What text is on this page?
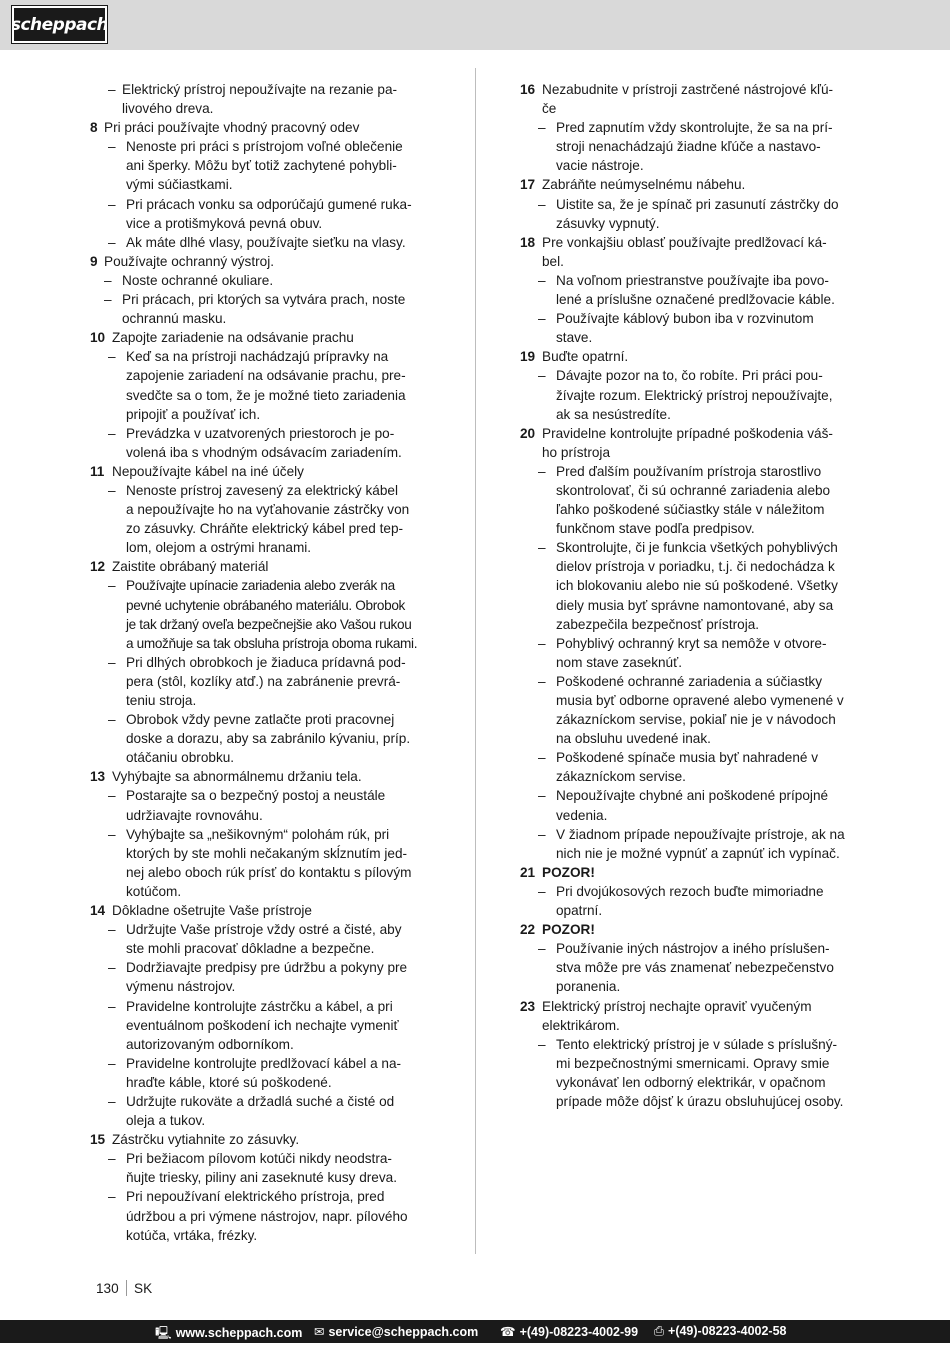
scheppach
– Elektrický prístroj nepoužívajte na rezanie pa-
livového dreva.
8 Pri práci používajte vhodný pracovný odev
– Nenoste pri práci s prístrojom voľné oblečenie
ani šperky. Môžu byť totiž zachytené pohybli-
vými súčiastkami.
– Pri prácach vonku sa odporúčajú gumené ruka-
vice a protišmyková pevná obuv.
– Ak máte dlhé vlasy, používajte sieťku na vlasy.
9 Používajte ochranný výstroj.
– Noste ochranné okuliare.
– Pri prácach, pri ktorých sa vytvára prach, noste
ochrannú masku.
10 Zapojte zariadenie na odsávanie prachu
– Keď sa na prístroji nachádzajú prípravky na
zapojenie zariadení na odsávanie prachu, pre-
svedčte sa o tom, že je možné tieto zariadenia
pripojiť a používať ich.
– Prevádzka v uzatvorených priestoroch je po-
volená iba s vhodným odsávacím zariadením.
11 Nepoužívajte kábel na iné účely
– Nenoste prístroj zavesený za elektrický kábel
a nepoužívajte ho na vyťahovanie zástrčky von
zo zásuvky. Chráňte elektrický kábel pred tep-
lom, olejom a ostrými hranami.
12 Zaistite obrábaný materiál
– Používajte upínacie zariadenia alebo zverák na
pevné uchytenie obrábaného materiálu. Obrobok
je tak držaný oveľa bezpečnejšie ako Vašou rukou
a umožňuje sa tak obsluha prístroja oboma rukami.
– Pri dlhých obrobkoch je žiaduca prídavná pod-
pera (stôl, kozlíky atď.) na zabránenie prevrá-
teniu stroja.
– Obrobok vždy pevne zatlačte proti pracovnej
doske a dorazu, aby sa zabránilo kývaniu, príp.
otáčaniu obrobku.
13 Vyhýbajte sa abnormálnemu držaniu tela.
– Postarajte sa o bezpečný postoj a neustále
udržiavajte rovnováhu.
– Vyhýbajte sa „nešikovným“ polohám rúk, pri
ktorých by ste mohli nečakaným skĺznutím jed-
nej alebo oboch rúk prísť do kontaktu s pílovým
kotúčom.
14 Dôkladne ošetrujte Vaše prístroje
– Udržujte Vaše prístroje vždy ostré a čisté, aby
ste mohli pracovať dôkladne a bezpečne.
– Dodržiavajte predpisy pre údržbu a pokyny pre
výmenu nástrojov.
– Pravidelne kontrolujte zástrčku a kábel, a pri
eventuálnom poškodení ich nechajte vymeniť
autorizovaným odborníkom.
– Pravidelne kontrolujte predlžovací kábel a na-
hraďte káble, ktoré sú poškodené.
– Udržujte rukoväte a držadlá suché a čisté od
oleja a tukov.
15 Zástrčku vytiahnite zo zásuvky.
– Pri bežiacom pílovom kotúči nikdy neodstra-
ňujte triesky, piliny ani zaseknuté kusy dreva.
– Pri nepoužívaní elektrického prístroja, pred
údržbou a pri výmene nástrojov, napr. pílového
kotúča, vrtáka, frézky.
16 Nezabudnite v prístroji zastrčené nástrojové kľú-
če
– Pred zapnutím vždy skontrolujte, že sa na prí-
stroji nenachádzajú žiadne kľúče a nastavo-
vacie nástroje.
17 Zabráňte neúmyselnému nábehu.
– Uistite sa, že je spínač pri zasunutí zástrčky do
zásuvky vypnutý.
18 Pre vonkajšiu oblasť používajte predlžovací ká-
bel.
– Na voľnom priestranstve používajte iba povo-
lené a príslušne označené predlžovacie káble.
– Používajte káblový bubon iba v rozvinutom
stave.
19 Buďte opatrní.
– Dávajte pozor na to, čo robíte. Pri práci pou-
žívajte rozum. Elektrický prístroj nepoužívajte,
ak sa nesústredíte.
20 Pravidelne kontrolujte prípadné poškodenia váš-
ho prístroja
– Pred ďalším používaním prístroja starostlivo
skontrolovať, či sú ochranné zariadenia alebo
ľahko poškodené súčiastky stále v náležitom
funkčnom stave podľa predpisov.
– Skontrolujte, či je funkcia všetkých pohyblivých
dielov prístroja v poriadku, t.j. či nedochádza k
ich blokovaniu alebo nie sú poškodené. Všetky
diely musia byť správne namontované, aby sa
zabezpečila bezpečnosť prístroja.
– Pohyblivý ochranný kryt sa nemôže v otvore-
nom stave zaseknúť.
– Poškodené ochranné zariadenia a súčiastky
musia byť odborne opravené alebo vymenené v
zákazníckom servise, pokiaľ nie je v návodoch
na obsluhu uvedené inak.
– Poškodené spínače musia byť nahradené v
zákazníckom servise.
– Nepoužívajte chybné ani poškodené prípojné
vedenia.
– V žiadnom prípade nepoužívajte prístroje, ak na
nich nie je možné vypnúť a zapnúť ich vypínač.
21 POZOR!
– Pri dvojúkosových rezoch buďte mimoriadne
opatrní.
22 POZOR!
– Používanie iných nástrojov a iného príslušen-
stva môže pre vás znamenať nebezpečenstvo
poranenia.
23 Elektrický prístroj nechajte opraviť vyučeným
elektrikárom.
– Tento elektrický prístroj je v súlade s príslušný-
mi bezpečnostnými smernicami. Opravy smie
vykonávať len odborný elektrikár, v opačnom
prípade môže dôjsť k úrazu obsluhujúcej osoby.
130 SK
🖳 www.scheppach.com ✉ service@scheppach.com ☎ +(49)-08223-4002-99 ⎙ +(49)-08223-4002-58
